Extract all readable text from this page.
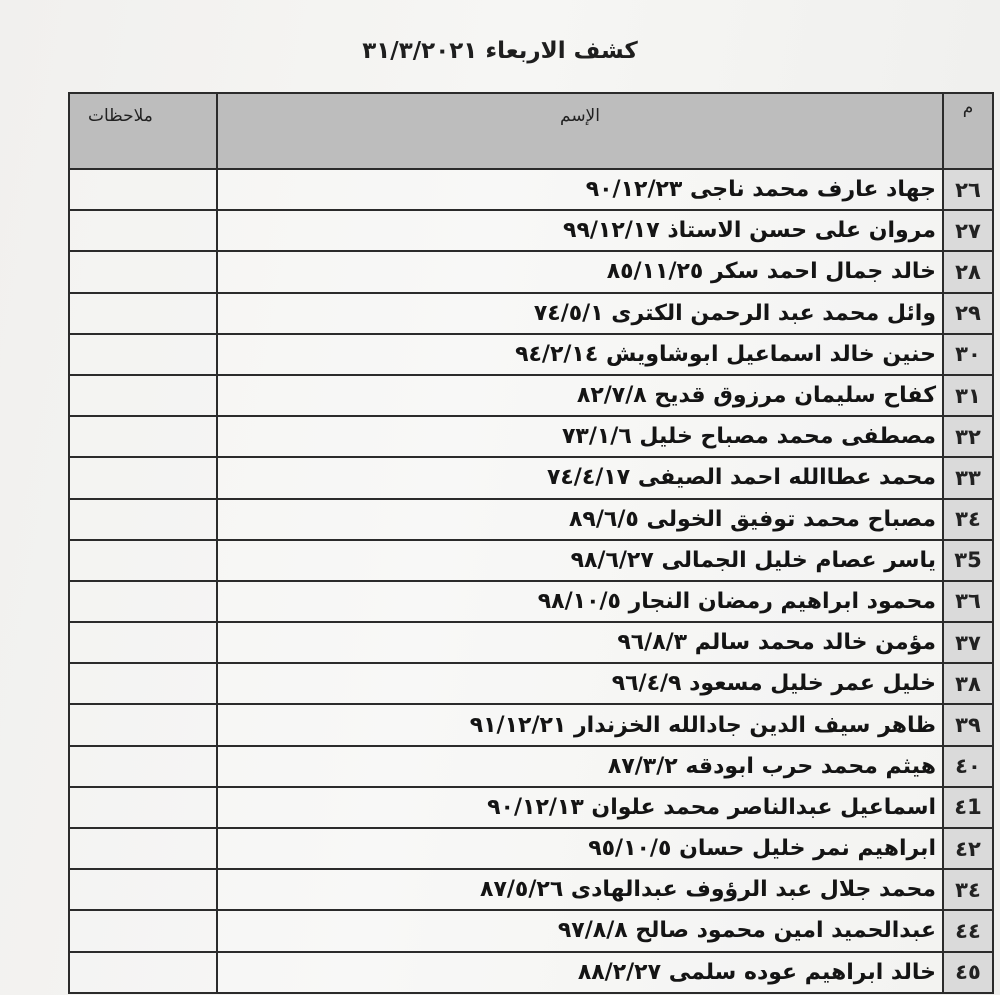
كشف الاربعاء ٣١/٣/٢٠٢١
م	الإسم	ملاحظات
٢٦	جهاد عارف محمد ناجى ٩٠/١٢/٢٣	
٢٧	مروان على حسن الاستاذ ٩٩/١٢/١٧	
٢٨	خالد جمال احمد سكر ٨٥/١١/٢٥	
٢٩	وائل محمد عبد الرحمن الكترى ٧٤/٥/١	
٣٠	حنين خالد اسماعيل ابوشاويش ٩٤/٢/١٤	
٣١	كفاح سليمان مرزوق قديح ٨٢/٧/٨	
٣٢	مصطفى محمد مصباح خليل ٧٣/١/٦	
٣٣	محمد عطاالله احمد الصيفى ٧٤/٤/١٧	
٣٤	مصباح محمد توفيق الخولى ٨٩/٦/٥	
٣5	ياسر عصام خليل الجمالى ٩٨/٦/٢٧	
٣٦	محمود ابراهيم رمضان النجار ٩٨/١٠/٥	
٣٧	مؤمن خالد محمد سالم ٩٦/٨/٣	
٣٨	خليل عمر خليل مسعود ٩٦/٤/٩	
٣٩	ظاهر سيف الدين جادالله الخزندار ٩١/١٢/٢١	
٤٠	هيثم محمد حرب ابودقه ٨٧/٣/٢	
٤1	اسماعيل عبدالناصر محمد علوان ٩٠/١٢/١٣	
٤٢	ابراهيم نمر خليل حسان ٩٥/١٠/٥	
٣٤	محمد جلال عبد الرؤوف عبدالهادى ٨٧/٥/٢٦	
٤٤	عبدالحميد امين محمود صالح ٩٧/٨/٨	
٤٥	خالد ابراهيم عوده سلمى ٨٨/٢/٢٧	
